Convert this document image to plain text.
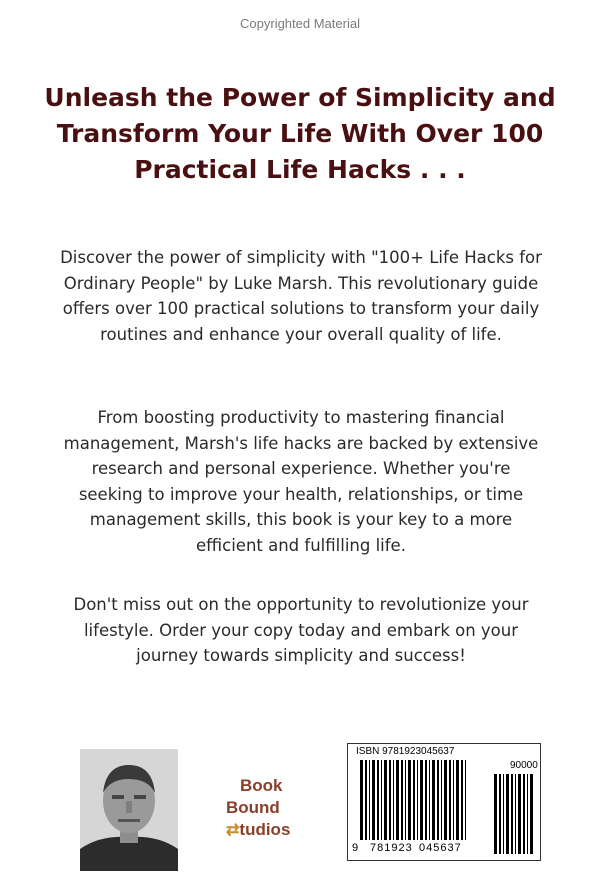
Copyrighted Material
Unleash the Power of Simplicity and Transform Your Life With Over 100 Practical Life Hacks . . .

Discover the power of simplicity with "100+ Life Hacks for Ordinary People" by Luke Marsh. This revolutionary guide offers over 100 practical solutions to transform your daily routines and enhance your overall quality of life.

From boosting productivity to mastering financial management, Marsh's life hacks are backed by extensive research and personal experience. Whether you're seeking to improve your health, relationships, or time management skills, this book is your key to a more efficient and fulfilling life.

Don't miss out on the opportunity to revolutionize your lifestyle. Order your copy today and embark on your journey towards simplicity and success!

Book
Bound ⇄tudios
ISBN 9781923045637
90000
9 781923 045637
